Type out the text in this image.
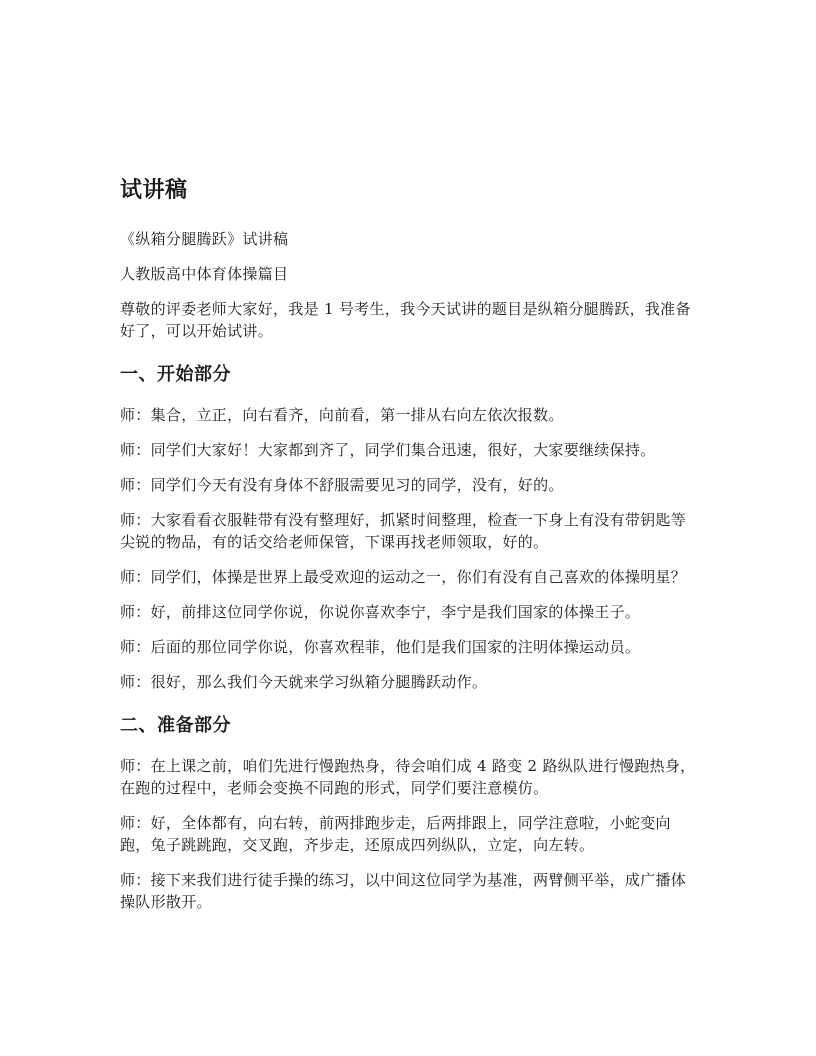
试讲稿

《纵箱分腿腾跃》试讲稿

人教版高中体育体操篇目

尊敬的评委老师大家好，我是 1 号考生，我今天试讲的题目是纵箱分腿腾跃，我准备好了，可以开始试讲。

一、开始部分

师：集合，立正，向右看齐，向前看，第一排从右向左依次报数。

师：同学们大家好！大家都到齐了，同学们集合迅速，很好，大家要继续保持。

师：同学们今天有没有身体不舒服需要见习的同学，没有，好的。

师：大家看看衣服鞋带有没有整理好，抓紧时间整理，检查一下身上有没有带钥匙等尖锐的物品，有的话交给老师保管，下课再找老师领取，好的。

师：同学们，体操是世界上最受欢迎的运动之一，你们有没有自己喜欢的体操明星？

师：好，前排这位同学你说，你说你喜欢李宁，李宁是我们国家的体操王子。

师：后面的那位同学你说，你喜欢程菲，他们是我们国家的注明体操运动员。

师：很好，那么我们今天就来学习纵箱分腿腾跃动作。

二、准备部分

师：在上课之前，咱们先进行慢跑热身，待会咱们成 4 路变 2 路纵队进行慢跑热身，在跑的过程中，老师会变换不同跑的形式，同学们要注意模仿。

师：好，全体都有，向右转，前两排跑步走，后两排跟上，同学注意啦，小蛇变向跑，兔子跳跳跑，交叉跑，齐步走，还原成四列纵队，立定，向左转。

师：接下来我们进行徒手操的练习，以中间这位同学为基准，两臂侧平举，成广播体操队形散开。
